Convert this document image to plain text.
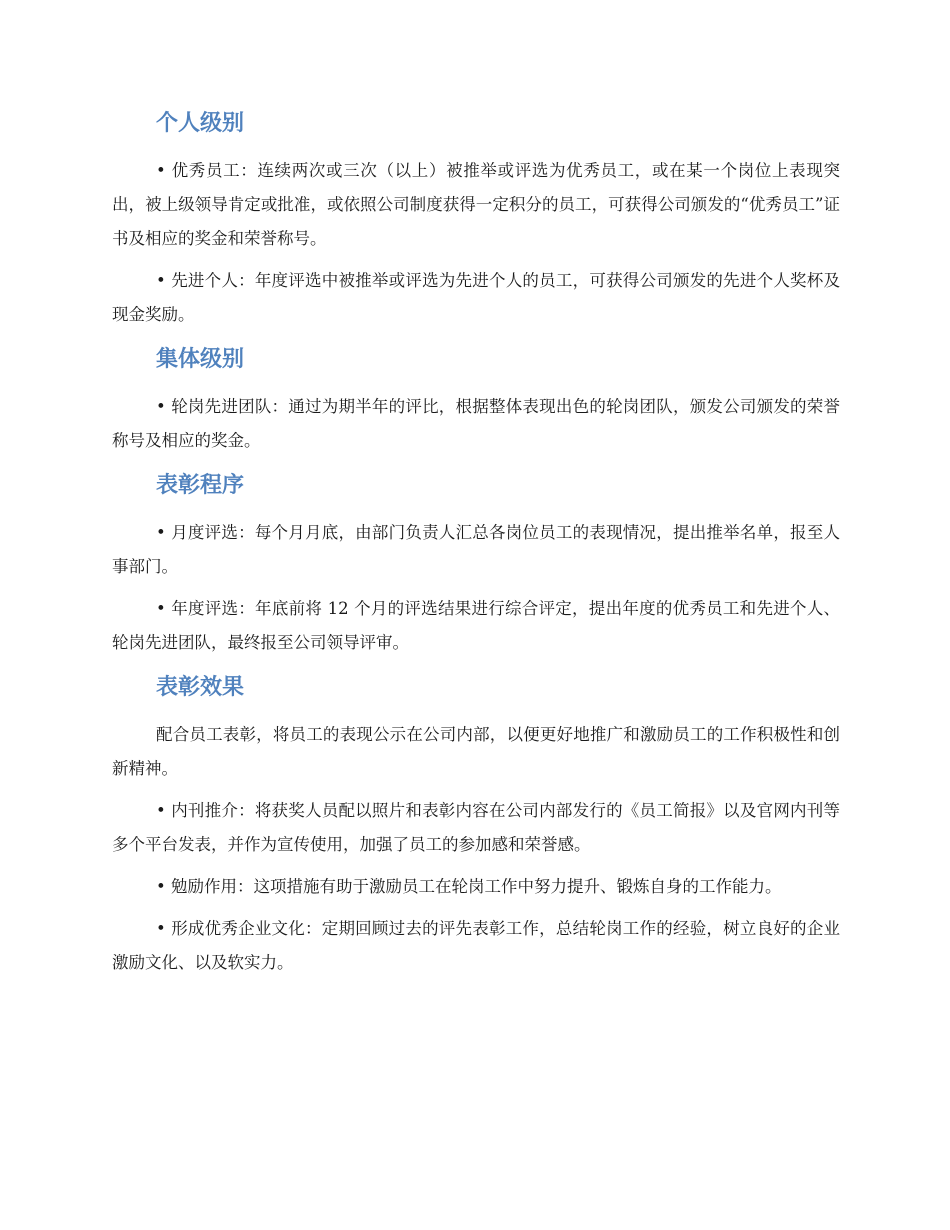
个人级别

• 优秀员工：连续两次或三次（以上）被推举或评选为优秀员工，或在某一个岗位上表现突出，被上级领导肯定或批准，或依照公司制度获得一定积分的员工，可获得公司颁发的“优秀员工”证书及相应的奖金和荣誉称号。

• 先进个人：年度评选中被推举或评选为先进个人的员工，可获得公司颁发的先进个人奖杯及现金奖励。

集体级别

• 轮岗先进团队：通过为期半年的评比，根据整体表现出色的轮岗团队，颁发公司颁发的荣誉称号及相应的奖金。

表彰程序

• 月度评选：每个月月底，由部门负责人汇总各岗位员工的表现情况，提出推举名单，报至人事部门。

• 年度评选：年底前将 12 个月的评选结果进行综合评定，提出年度的优秀员工和先进个人、轮岗先进团队，最终报至公司领导评审。

表彰效果

配合员工表彰，将员工的表现公示在公司内部，以便更好地推广和激励员工的工作积极性和创新精神。

• 内刊推介：将获奖人员配以照片和表彰内容在公司内部发行的《员工简报》以及官网内刊等多个平台发表，并作为宣传使用，加强了员工的参加感和荣誉感。

• 勉励作用：这项措施有助于激励员工在轮岗工作中努力提升、锻炼自身的工作能力。

• 形成优秀企业文化：定期回顾过去的评先表彰工作，总结轮岗工作的经验，树立良好的企业激励文化、以及软实力。
